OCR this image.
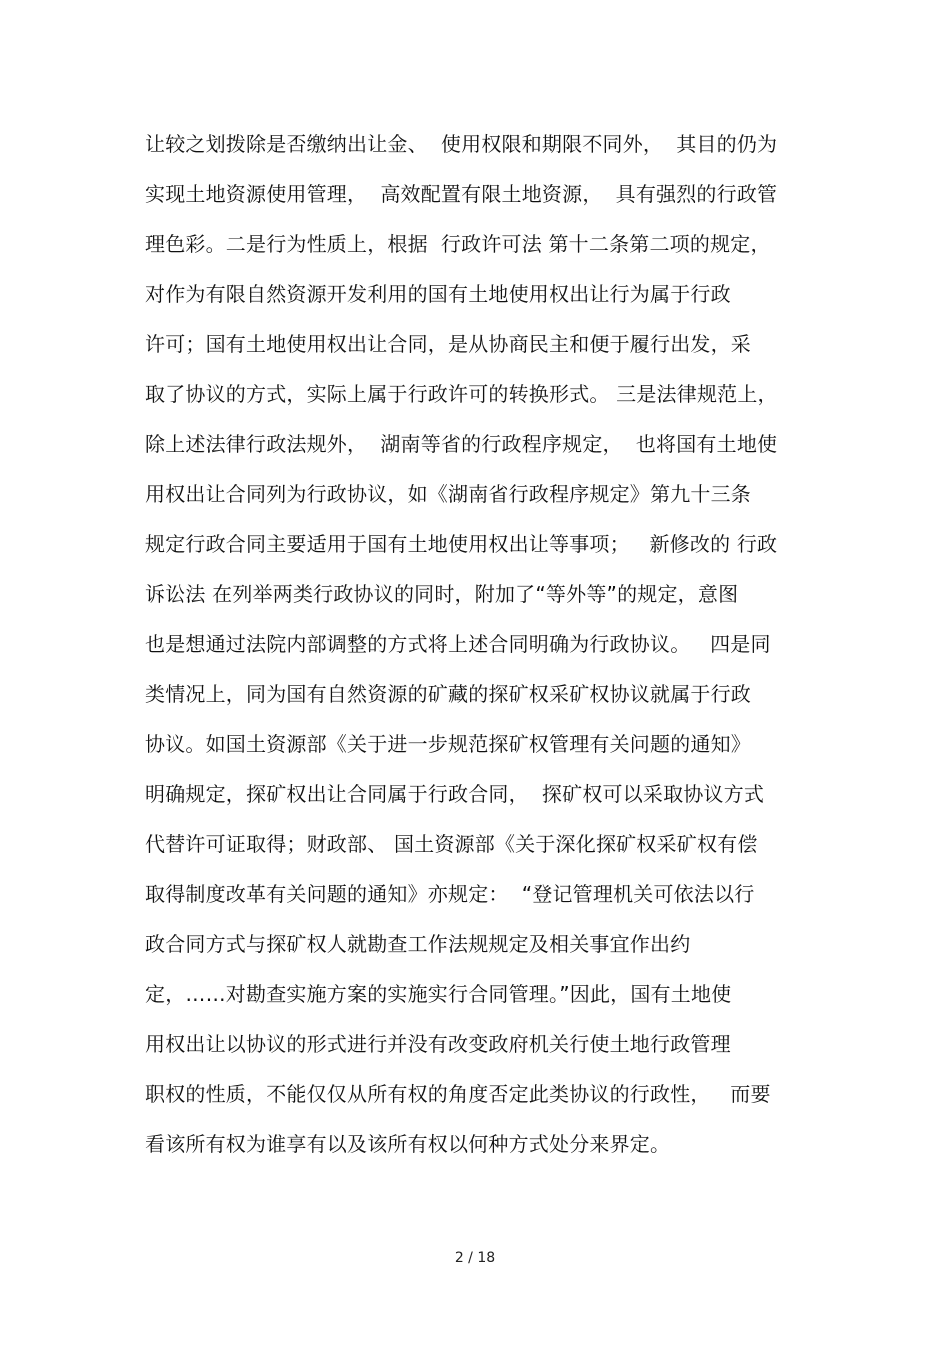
让较之划拨除是否缴纳出让金、  使用权限和期限不同外，  其目的仍为
实现土地资源使用管理，  高效配置有限土地资源，  具有强烈的行政管
理色彩。二是行为性质上，根据  行政许可法 第十二条第二项的规定，
对作为有限自然资源开发利用的国有土地使用权出让行为属于行政
许可；国有土地使用权出让合同，是从协商民主和便于履行出发，采
取了协议的方式，实际上属于行政许可的转换形式。 三是法律规范上，
除上述法律行政法规外，  湖南等省的行政程序规定，  也将国有土地使
用权出让合同列为行政协议，如《湖南省行政程序规定》第九十三条
规定行政合同主要适用于国有土地使用权出让等事项；   新修改的 行政
诉讼法 在列举两类行政协议的同时，附加了“等外等”的规定，意图
也是想通过法院内部调整的方式将上述合同明确为行政协议。   四是同
类情况上，同为国有自然资源的矿藏的探矿权采矿权协议就属于行政
协议。如国土资源部《关于进一步规范探矿权管理有关问题的通知》
明确规定，探矿权出让合同属于行政合同，  探矿权可以采取协议方式
代替许可证取得；财政部、 国土资源部《关于深化探矿权采矿权有偿
取得制度改革有关问题的通知》亦规定：  “登记管理机关可依法以行
政合同方式与探矿权人就勘查工作法规规定及相关事宜作出约
定，……对勘查实施方案的实施实行合同管理。”因此，国有土地使
用权出让以协议的形式进行并没有改变政府机关行使土地行政管理
职权的性质，不能仅仅从所有权的角度否定此类协议的行政性，   而要
看该所有权为谁享有以及该所有权以何种方式处分来界定。
2 / 18
